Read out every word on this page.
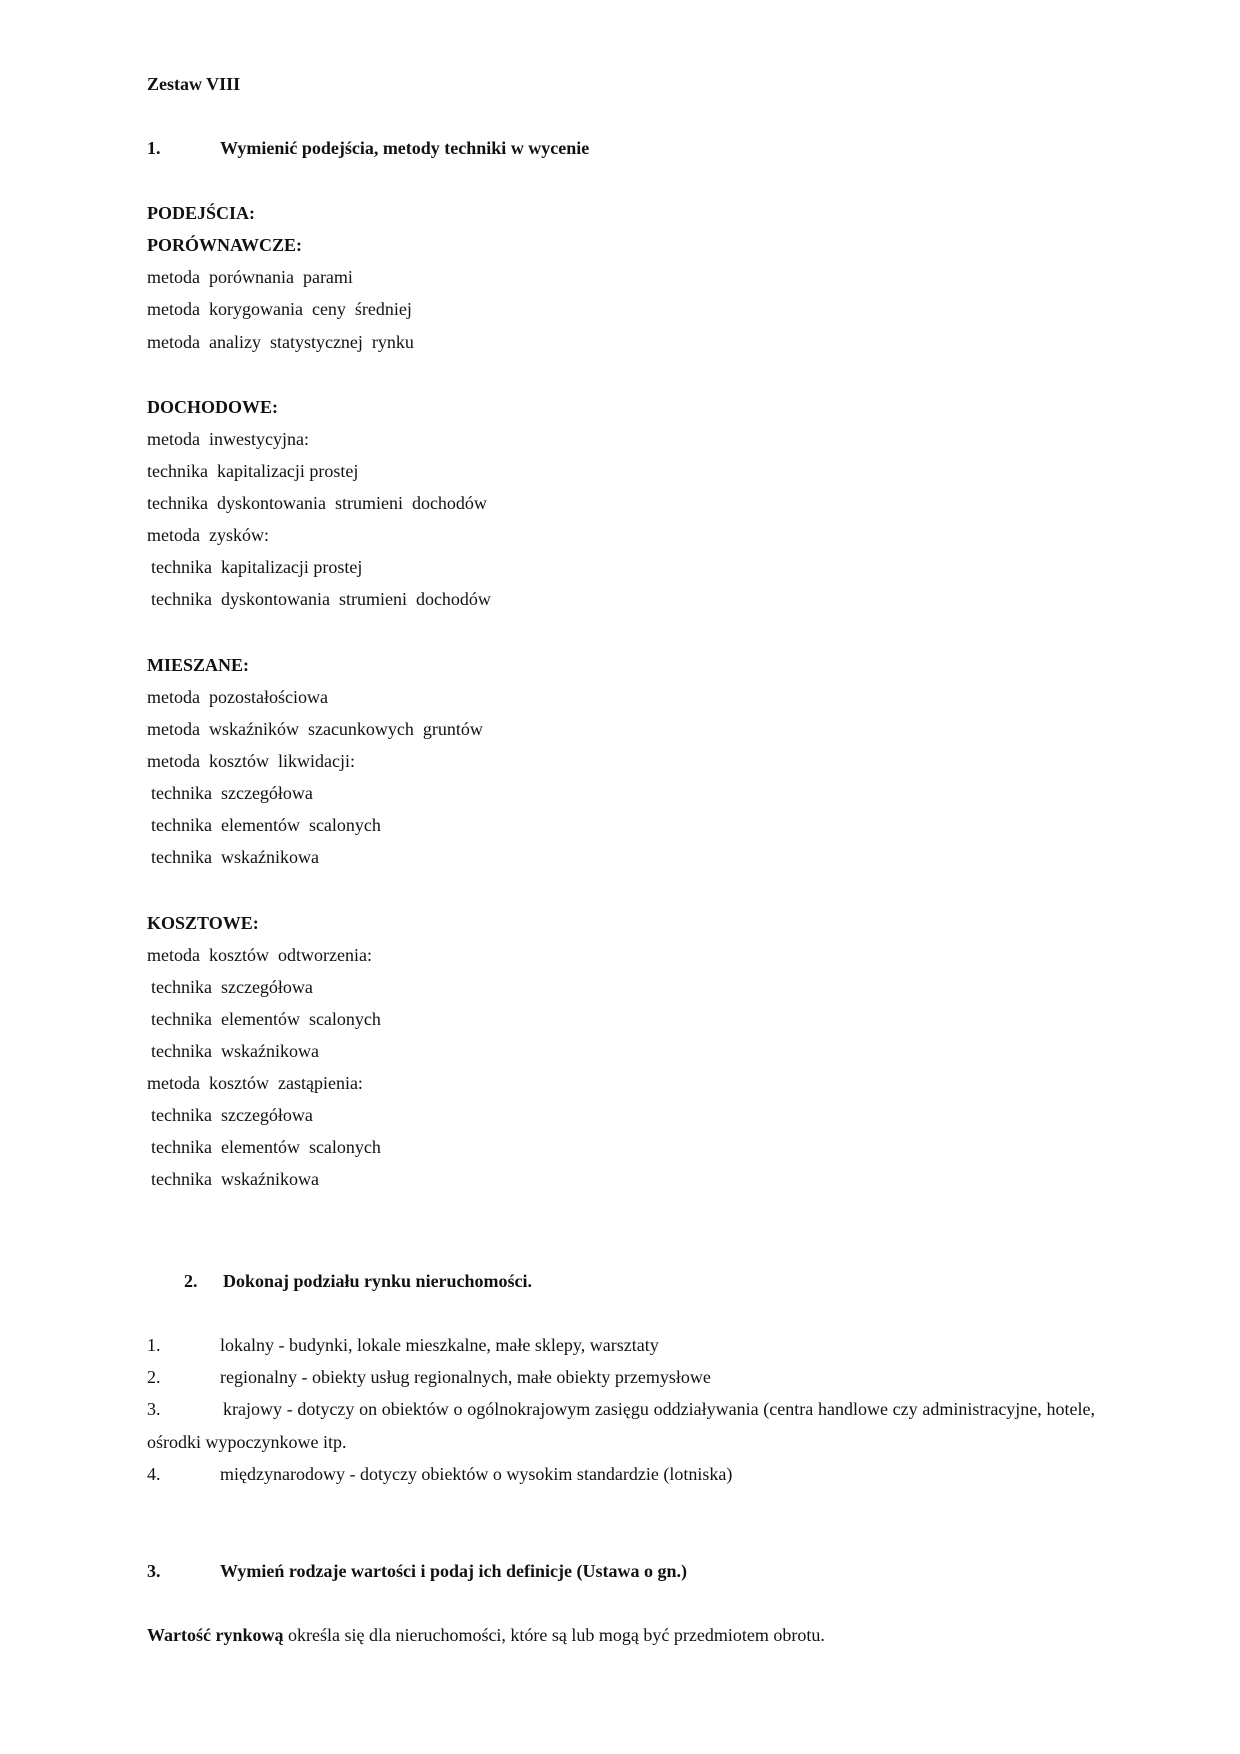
Zestaw VIII
1.	Wymienić podejścia, metody techniki w wycenie
PODEJŚCIA:
PORÓWNAWCZE:
metoda  porównania  parami
metoda  korygowania  ceny  średniej
metoda  analizy  statystycznej  rynku
DOCHODOWE:
metoda  inwestycyjna:
technika  kapitalizacji prostej
technika  dyskontowania  strumieni  dochodów
metoda  zysków:
technika  kapitalizacji prostej
technika  dyskontowania  strumieni  dochodów
MIESZANE:
metoda  pozostałościowa
metoda  wskaźników  szacunkowych  gruntów
metoda  kosztów  likwidacji:
technika  szczegółowa
technika  elementów  scalonych
technika  wskaźnikowa
KOSZTOWE:
metoda  kosztów  odtworzenia:
technika  szczegółowa
technika  elementów  scalonych
technika  wskaźnikowa
metoda  kosztów  zastąpienia:
technika  szczegółowa
technika  elementów  scalonych
technika  wskaźnikowa
2. Dokonaj podziału rynku nieruchomości.
1.	lokalny - budynki, lokale mieszkalne, małe sklepy, warsztaty
2.	regionalny - obiekty usług regionalnych, małe obiekty przemysłowe
3.	krajowy - dotyczy on obiektów o ogólnokrajowym zasięgu oddziaływania (centra handlowe czy administracyjne, hotele, ośrodki wypoczynkowe itp.
4.	międzynarodowy - dotyczy obiektów o wysokim standardzie (lotniska)
3.	Wymień rodzaje wartości i podaj ich definicje (Ustawa o gn.)
Wartość rynkową określa się dla nieruchomości, które są lub mogą być przedmiotem obrotu.
